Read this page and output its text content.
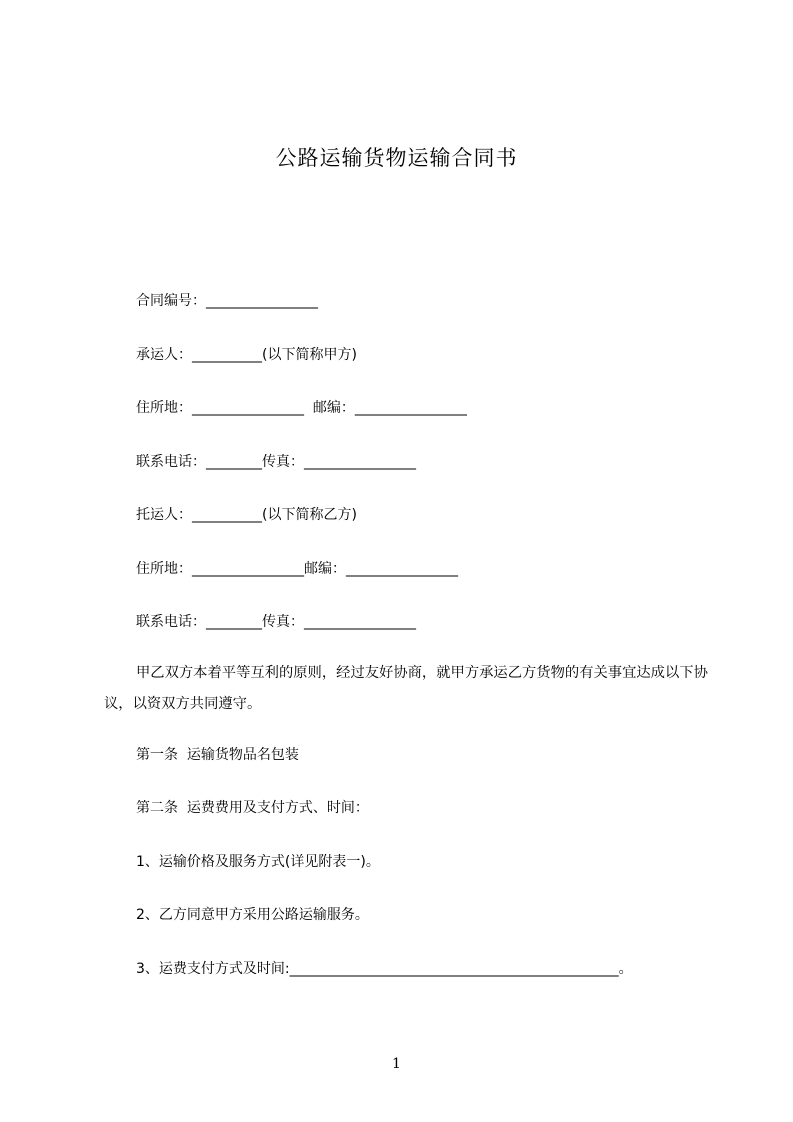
公路运输货物运输合同书
合同编号：________________
承运人：__________(以下简称甲方)
住所地：________________  邮编：________________
联系电话：________传真：________________
托运人：__________(以下简称乙方)
住所地：________________邮编：________________
联系电话：________传真：________________
甲乙双方本着平等互利的原则，经过友好协商，就甲方承运乙方货物的有关事宜达成以下协议，以资双方共同遵守。
第一条  运输货物品名包装
第二条  运费费用及支付方式、时间：
1、运输价格及服务方式(详见附表一)。
2、乙方同意甲方采用公路运输服务。
3、运费支付方式及时间:_______________________________________________。
1
